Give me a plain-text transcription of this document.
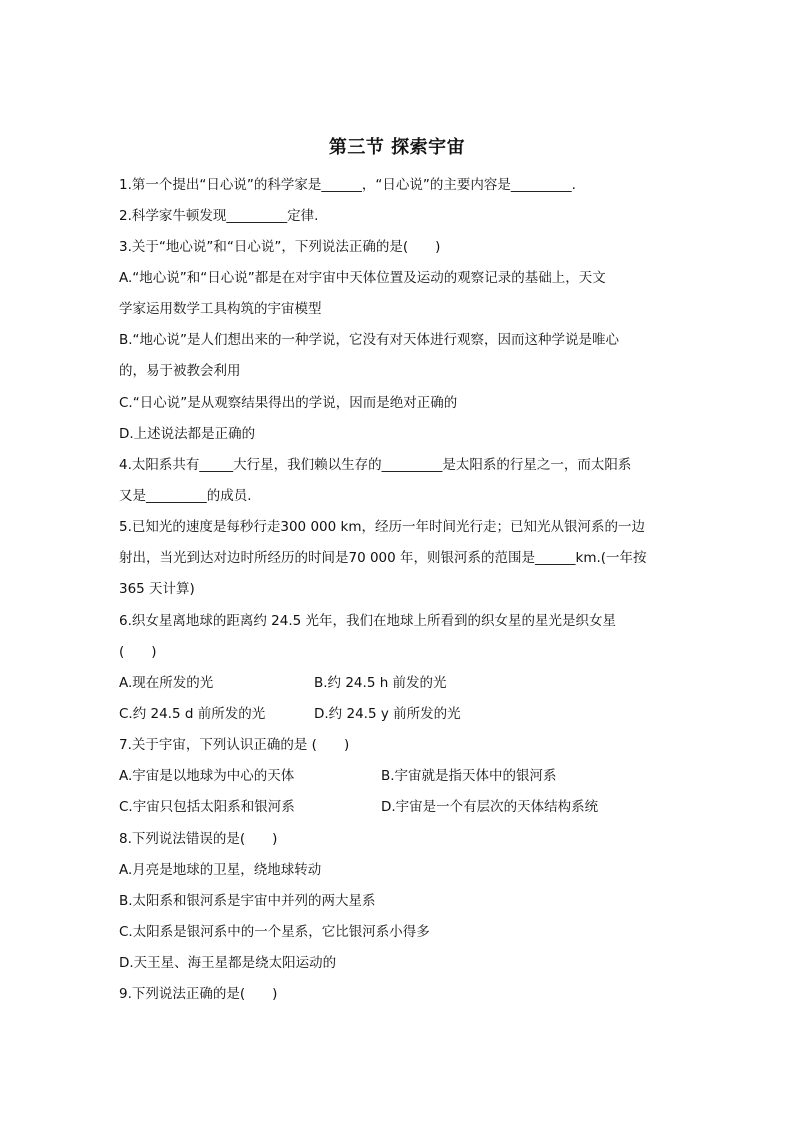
第三节 探索宇宙
1.第一个提出“日心说”的科学家是______，“日心说”的主要内容是_________.
2.科学家牛顿发现_________定律.
3.关于“地心说”和“日心说”，下列说法正确的是(　　)
A.“地心说”和“日心说”都是在对宇宙中天体位置及运动的观察记录的基础上，天文
学家运用数学工具构筑的宇宙模型
B.“地心说”是人们想出来的一种学说，它没有对天体进行观察，因而这种学说是唯心
的，易于被教会利用
C.“日心说”是从观察结果得出的学说，因而是绝对正确的
D.上述说法都是正确的
4.太阳系共有_____大行星，我们赖以生存的_________是太阳系的行星之一，而太阳系
又是_________的成员.
5.已知光的速度是每秒行走300 000 km，经历一年时间光行走；已知光从银河系的一边
射出，当光到达对边时所经历的时间是70 000 年，则银河系的范围是______km.(一年按
365 天计算)
6.织女星离地球的距离约 24.5 光年，我们在地球上所看到的织女星的星光是织女星
(　　)
A.现在所发的光	B.约 24.5 h 前发的光
C.约 24.5 d 前所发的光	D.约 24.5 y 前所发的光
7.关于宇宙，下列认识正确的是 (　　)
A.宇宙是以地球为中心的天体	B.宇宙就是指天体中的银河系
C.宇宙只包括太阳系和银河系	D.宇宙是一个有层次的天体结构系统
8.下列说法错误的是(　　)
A.月亮是地球的卫星，绕地球转动
B.太阳系和银河系是宇宙中并列的两大星系
C.太阳系是银河系中的一个星系，它比银河系小得多
D.天王星、海王星都是绕太阳运动的
9.下列说法正确的是(　　)
